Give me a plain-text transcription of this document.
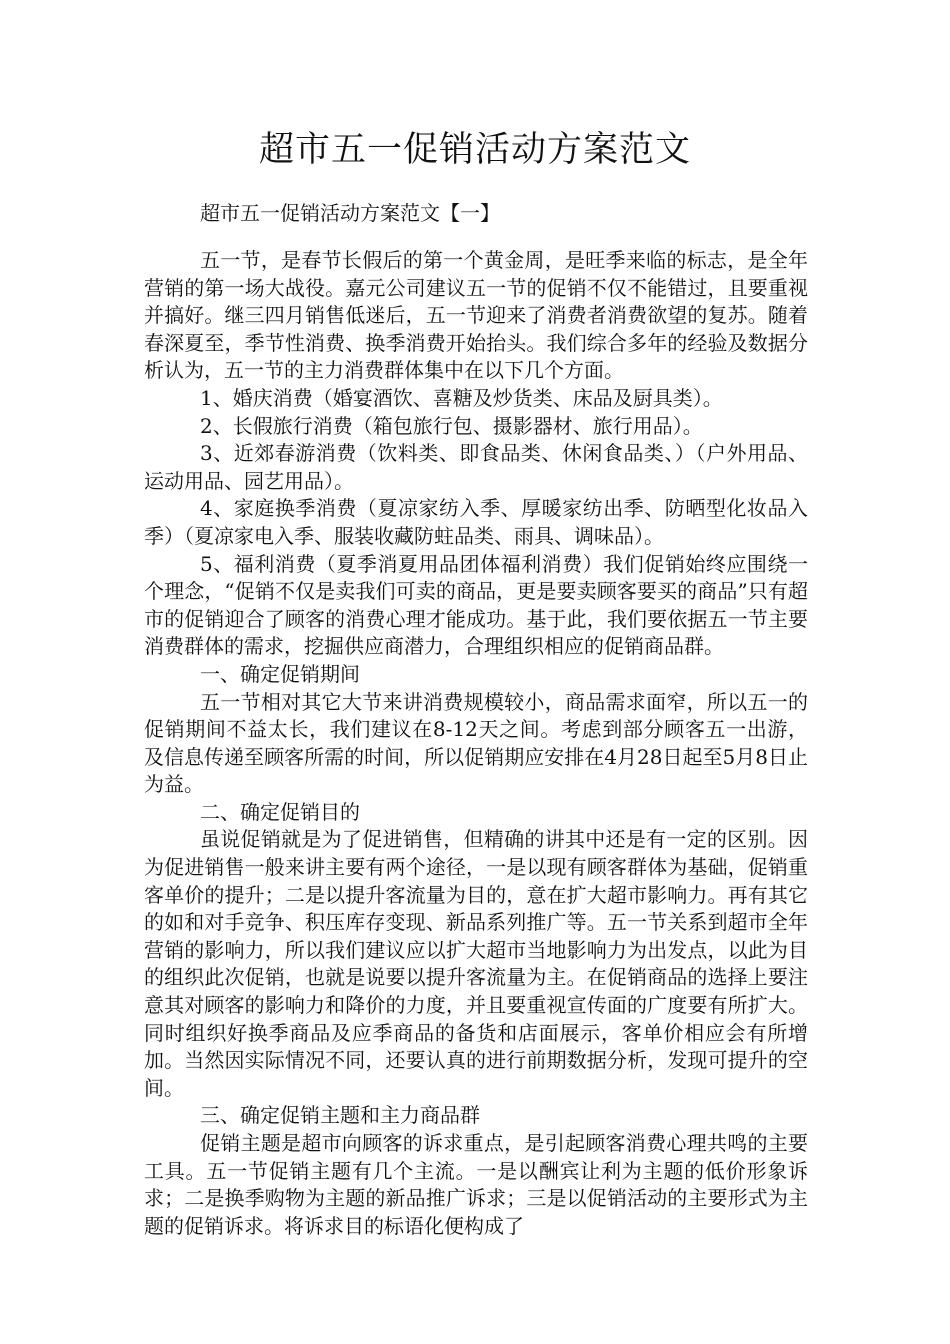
超市五一促销活动方案范文

超市五一促销活动方案范文【一】

五一节，是春节长假后的第一个黄金周，是旺季来临的标志，是全年营销的第一场大战役。嘉元公司建议五一节的促销不仅不能错过，且要重视并搞好。继三四月销售低迷后，五一节迎来了消费者消费欲望的复苏。随着春深夏至，季节性消费、换季消费开始抬头。我们综合多年的经验及数据分析认为，五一节的主力消费群体集中在以下几个方面。

1、婚庆消费（婚宴酒饮、喜糖及炒货类、床品及厨具类）。

2、长假旅行消费（箱包旅行包、摄影器材、旅行用品）。

3、近郊春游消费（饮料类、即食品类、休闲食品类、）（户外用品、运动用品、园艺用品）。

4、家庭换季消费（夏凉家纺入季、厚暖家纺出季、防晒型化妆品入季）（夏凉家电入季、服装收藏防蛀品类、雨具、调味品）。

5、福利消费（夏季消夏用品团体福利消费）我们促销始终应围绕一个理念，“促销不仅是卖我们可卖的商品，更是要卖顾客要买的商品”只有超市的促销迎合了顾客的消费心理才能成功。基于此，我们要依据五一节主要消费群体的需求，挖掘供应商潜力，合理组织相应的促销商品群。

一、确定促销期间

五一节相对其它大节来讲消费规模较小，商品需求面窄，所以五一的促销期间不益太长，我们建议在8-12天之间。考虑到部分顾客五一出游，及信息传递至顾客所需的时间，所以促销期应安排在4月28日起至5月8日止为益。

二、确定促销目的

虽说促销就是为了促进销售，但精确的讲其中还是有一定的区别。因为促进销售一般来讲主要有两个途径，一是以现有顾客群体为基础，促销重客单价的提升；二是以提升客流量为目的，意在扩大超市影响力。再有其它的如和对手竞争、积压库存变现、新品系列推广等。五一节关系到超市全年营销的影响力，所以我们建议应以扩大超市当地影响力为出发点，以此为目的组织此次促销，也就是说要以提升客流量为主。在促销商品的选择上要注意其对顾客的影响力和降价的力度，并且要重视宣传面的广度要有所扩大。同时组织好换季商品及应季商品的备货和店面展示，客单价相应会有所增加。当然因实际情况不同，还要认真的进行前期数据分析，发现可提升的空间。

三、确定促销主题和主力商品群

促销主题是超市向顾客的诉求重点，是引起顾客消费心理共鸣的主要工具。五一节促销主题有几个主流。一是以酬宾让利为主题的低价形象诉求；二是换季购物为主题的新品推广诉求；三是以促销活动的主要形式为主题的促销诉求。将诉求目的标语化便构成了
